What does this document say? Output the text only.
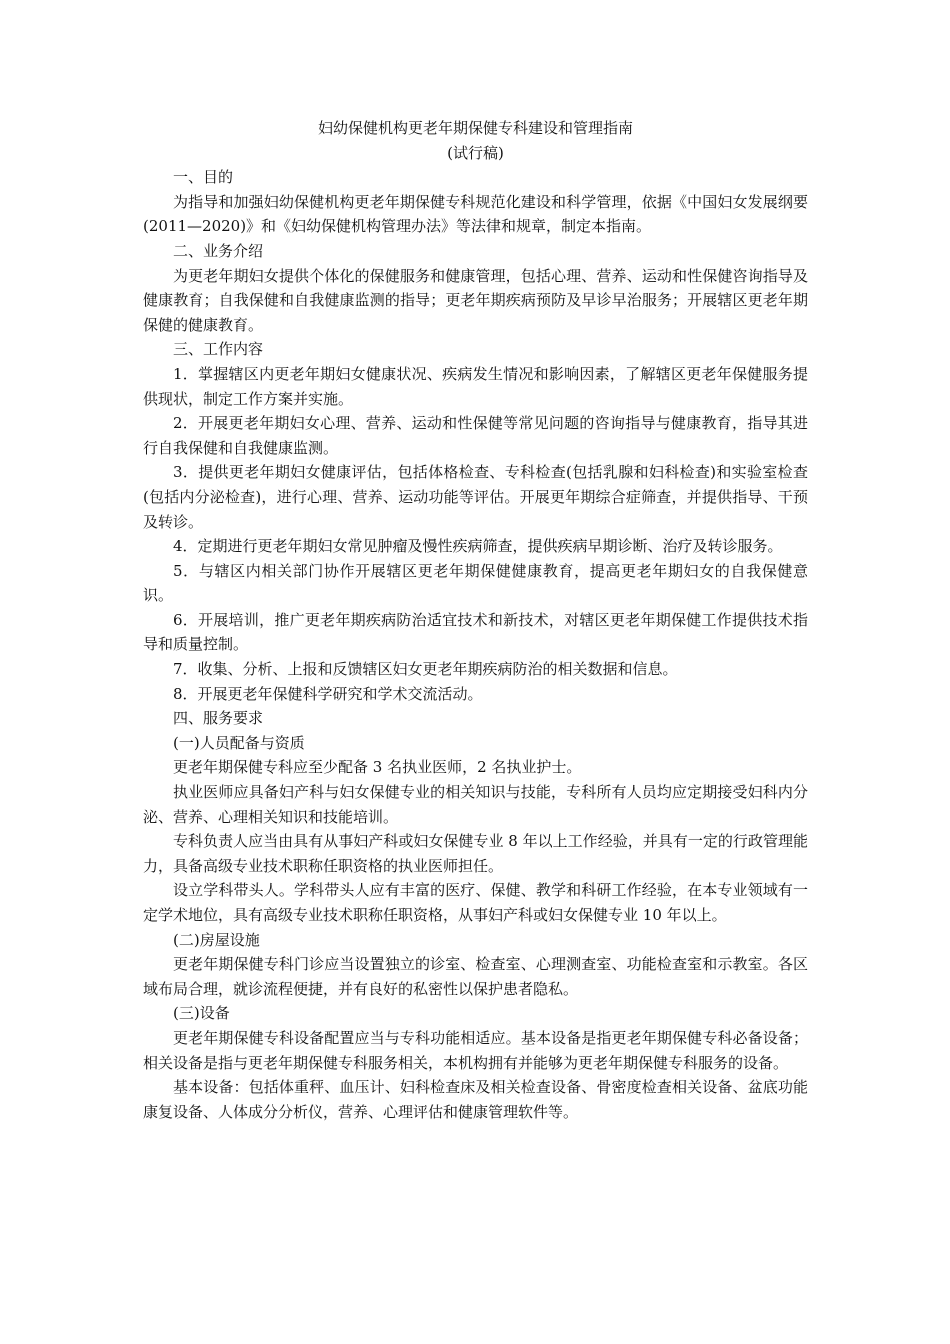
妇幼保健机构更老年期保健专科建设和管理指南

(试行稿)

一、目的

为指导和加强妇幼保健机构更老年期保健专科规范化建设和科学管理，依据《中国妇女发展纲要(2011—2020)》和《妇幼保健机构管理办法》等法律和规章，制定本指南。

二、业务介绍

为更老年期妇女提供个体化的保健服务和健康管理，包括心理、营养、运动和性保健咨询指导及健康教育；自我保健和自我健康监测的指导；更老年期疾病预防及早诊早治服务；开展辖区更老年期保健的健康教育。

三、工作内容

1．掌握辖区内更老年期妇女健康状况、疾病发生情况和影响因素，了解辖区更老年保健服务提供现状，制定工作方案并实施。

2．开展更老年期妇女心理、营养、运动和性保健等常见问题的咨询指导与健康教育，指导其进行自我保健和自我健康监测。

3．提供更老年期妇女健康评估，包括体格检查、专科检查(包括乳腺和妇科检查)和实验室检查(包括内分泌检查)，进行心理、营养、运动功能等评估。开展更年期综合症筛查，并提供指导、干预及转诊。

4．定期进行更老年期妇女常见肿瘤及慢性疾病筛查，提供疾病早期诊断、治疗及转诊服务。

5．与辖区内相关部门协作开展辖区更老年期保健健康教育，提高更老年期妇女的自我保健意识。

6．开展培训，推广更老年期疾病防治适宜技术和新技术，对辖区更老年期保健工作提供技术指导和质量控制。

7．收集、分析、上报和反馈辖区妇女更老年期疾病防治的相关数据和信息。

8．开展更老年保健科学研究和学术交流活动。

四、服务要求

(一)人员配备与资质

更老年期保健专科应至少配备 3 名执业医师，2 名执业护士。

执业医师应具备妇产科与妇女保健专业的相关知识与技能，专科所有人员均应定期接受妇科内分泌、营养、心理相关知识和技能培训。

专科负责人应当由具有从事妇产科或妇女保健专业 8 年以上工作经验，并具有一定的行政管理能力，具备高级专业技术职称任职资格的执业医师担任。

设立学科带头人。学科带头人应有丰富的医疗、保健、教学和科研工作经验，在本专业领域有一定学术地位，具有高级专业技术职称任职资格，从事妇产科或妇女保健专业 10 年以上。

(二)房屋设施

更老年期保健专科门诊应当设置独立的诊室、检查室、心理测查室、功能检查室和示教室。各区域布局合理，就诊流程便捷，并有良好的私密性以保护患者隐私。

(三)设备

更老年期保健专科设备配置应当与专科功能相适应。基本设备是指更老年期保健专科必备设备；相关设备是指与更老年期保健专科服务相关，本机构拥有并能够为更老年期保健专科服务的设备。

基本设备：包括体重秤、血压计、妇科检查床及相关检查设备、骨密度检查相关设备、盆底功能康复设备、人体成分分析仪，营养、心理评估和健康管理软件等。
